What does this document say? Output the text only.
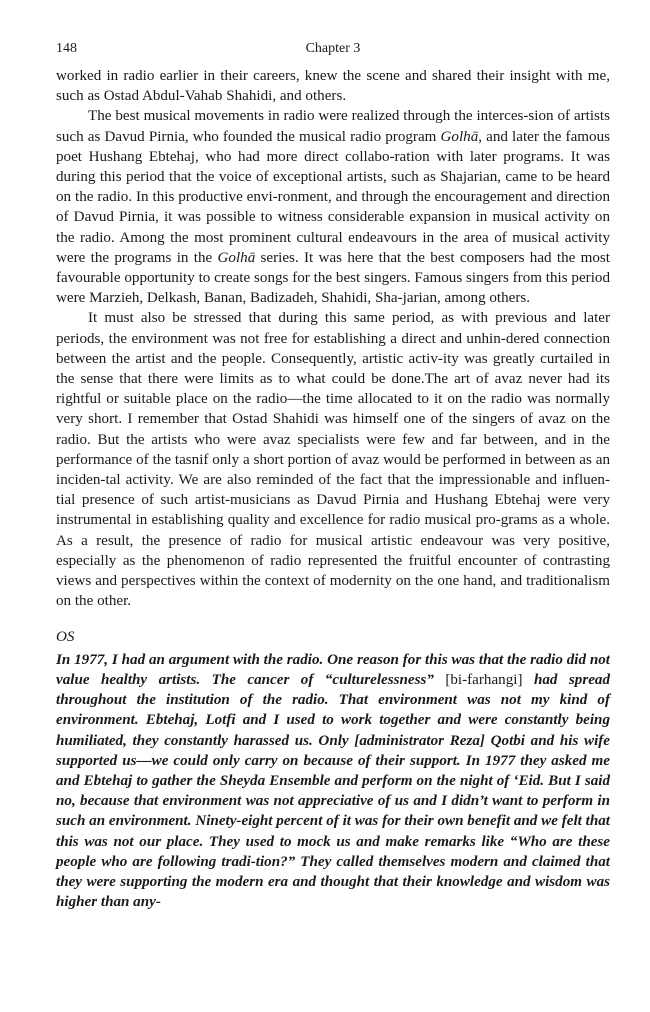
148	Chapter 3

worked in radio earlier in their careers, knew the scene and shared their insight with me, such as Ostad Abdul-Vahab Shahidi, and others.

The best musical movements in radio were realized through the interces-sion of artists such as Davud Pirnia, who founded the musical radio program Golhā, and later the famous poet Hushang Ebtehaj, who had more direct collabo-ration with later programs. It was during this period that the voice of exceptional artists, such as Shajarian, came to be heard on the radio. In this productive envi-ronment, and through the encouragement and direction of Davud Pirnia, it was possible to witness considerable expansion in musical activity on the radio. Among the most prominent cultural endeavours in the area of musical activity were the programs in the Golhā series. It was here that the best composers had the most favourable opportunity to create songs for the best singers. Famous singers from this period were Marzieh, Delkash, Banan, Badizadeh, Shahidi, Sha-jarian, among others.

It must also be stressed that during this same period, as with previous and later periods, the environment was not free for establishing a direct and unhin-dered connection between the artist and the people. Consequently, artistic activ-ity was greatly curtailed in the sense that there were limits as to what could be done.The art of avaz never had its rightful or suitable place on the radio—the time allocated to it on the radio was normally very short. I remember that Ostad Shahidi was himself one of the singers of avaz on the radio. But the artists who were avaz specialists were few and far between, and in the performance of the tasnif only a short portion of avaz would be performed in between as an inciden-tal activity. We are also reminded of the fact that the impressionable and influen-tial presence of such artist-musicians as Davud Pirnia and Hushang Ebtehaj were very instrumental in establishing quality and excellence for radio musical pro-grams as a whole. As a result, the presence of radio for musical artistic endeavour was very positive, especially as the phenomenon of radio represented the fruitful encounter of contrasting views and perspectives within the context of modernity on the one hand, and traditionalism on the other.

OS
In 1977, I had an argument with the radio. One reason for this was that the radio did not value healthy artists. The cancer of “culturelessness” [bi-farhangi] had spread throughout the institution of the radio. That environment was not my kind of environment. Ebtehaj, Lotfi and I used to work together and were constantly being humiliated, they constantly harassed us. Only [administrator Reza] Qotbi and his wife supported us—we could only carry on because of their support. In 1977 they asked me and Ebtehaj to gather the Sheyda Ensemble and perform on the night of ‘Eid. But I said no, because that environment was not appreciative of us and I didn’t want to perform in such an environment. Ninety-eight percent of it was for their own benefit and we felt that this was not our place. They used to mock us and make remarks like “Who are these people who are following tradi-tion?” They called themselves modern and claimed that they were supporting the modern era and thought that their knowledge and wisdom was higher than any-
